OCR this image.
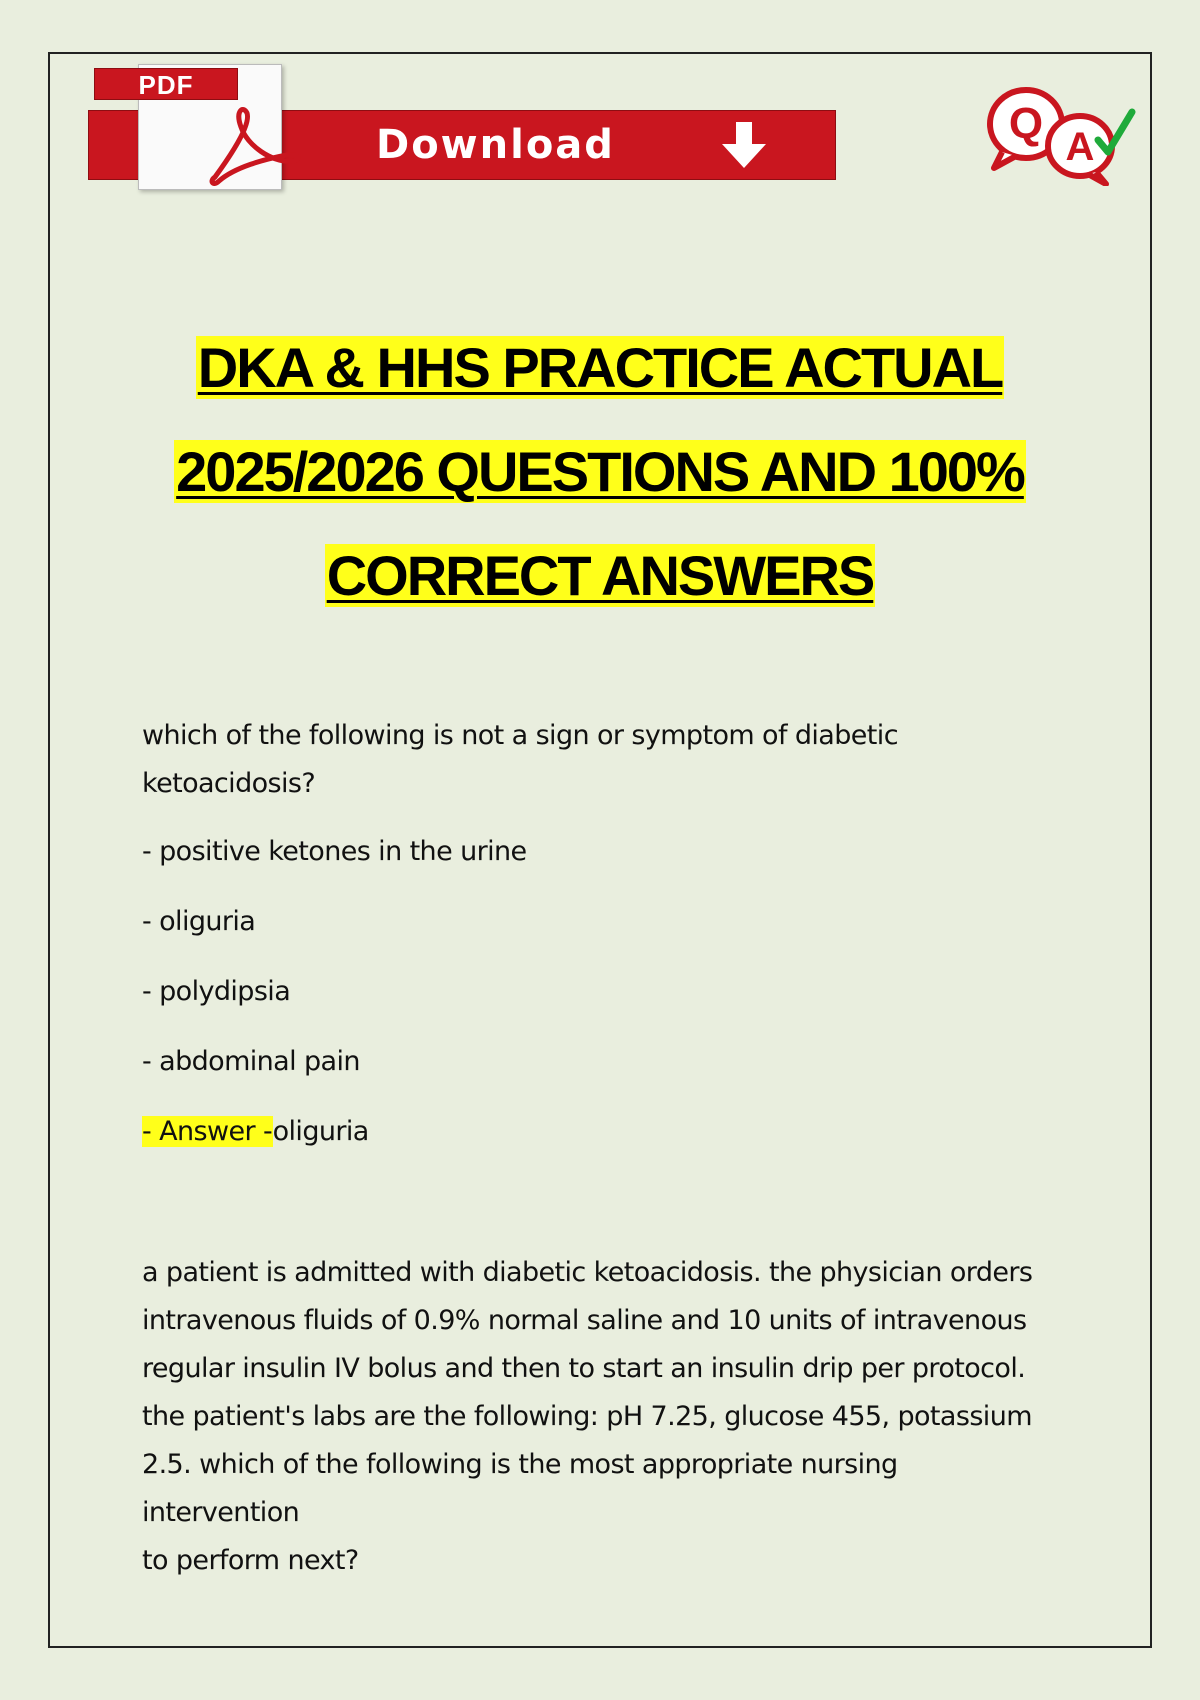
PDF
Download	Q A
DKA & HHS PRACTICE ACTUAL
2025/2026 QUESTIONS AND 100%
CORRECT ANSWERS
which of the following is not a sign or symptom of diabetic
ketoacidosis?
- positive ketones in the urine
- oliguria
- polydipsia
- abdominal pain
- Answer -oliguria
a patient is admitted with diabetic ketoacidosis. the physician orders
intravenous fluids of 0.9% normal saline and 10 units of intravenous
regular insulin IV bolus and then to start an insulin drip per protocol.
the patient's labs are the following: pH 7.25, glucose 455, potassium
2.5. which of the following is the most appropriate nursing intervention
to perform next?
